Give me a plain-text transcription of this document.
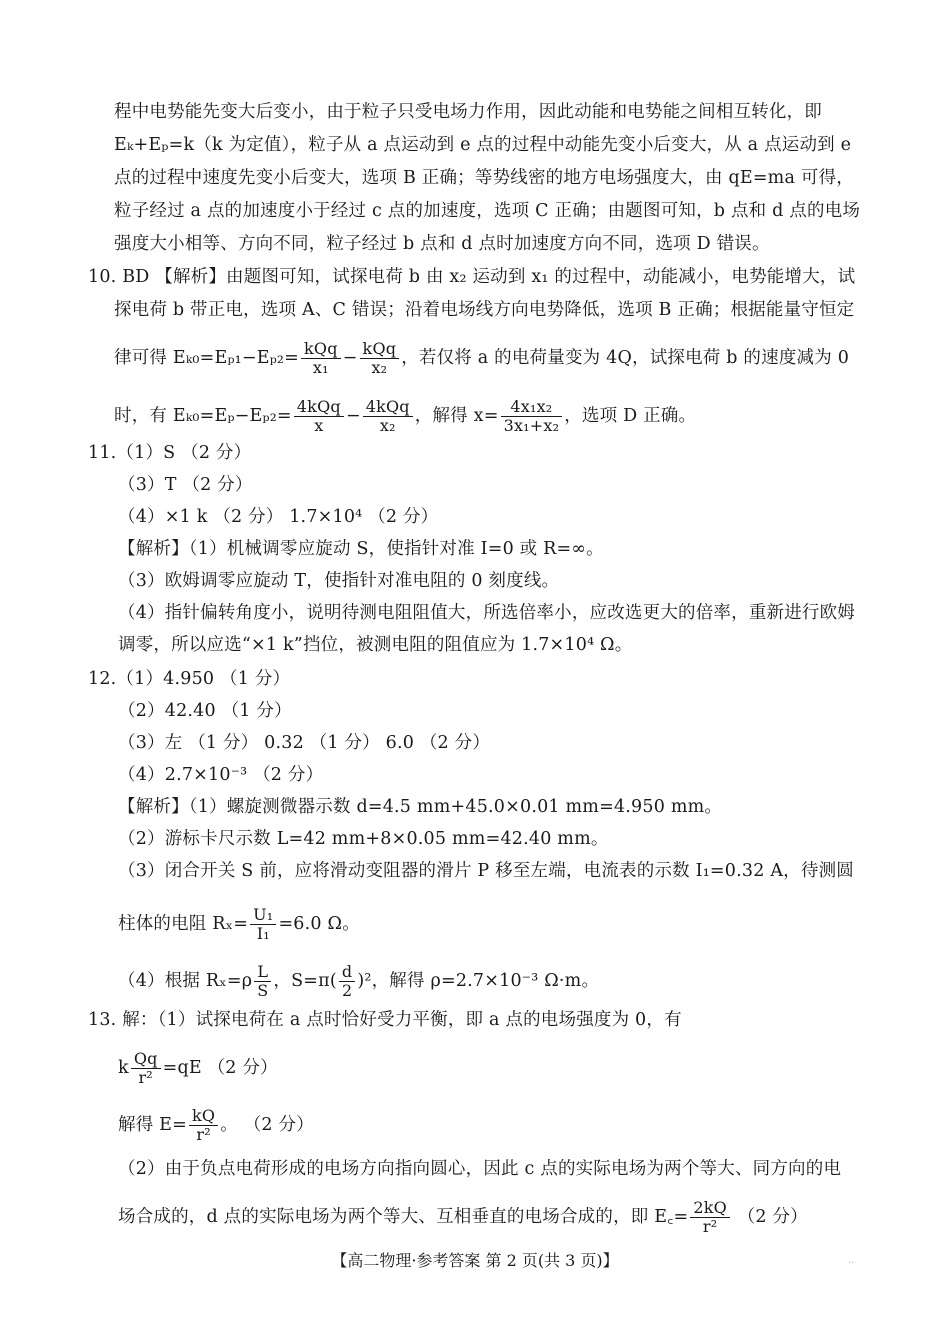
程中电势能先变大后变小，由于粒子只受电场力作用，因此动能和电势能之间相互转化，即
Eₖ+Eₚ=k（k 为定值），粒子从 a 点运动到 e 点的过程中动能先变小后变大，从 a 点运动到 e
点的过程中速度先变小后变大，选项 B 正确；等势线密的地方电场强度大，由 qE=ma 可得，
粒子经过 a 点的加速度小于经过 c 点的加速度，选项 C 正确；由题图可知，b 点和 d 点的电场
强度大小相等、方向不同，粒子经过 b 点和 d 点时加速度方向不同，选项 D 错误。
10. BD 【解析】由题图可知，试探电荷 b 由 x₂ 运动到 x₁ 的过程中，动能减小，电势能增大，试
探电荷 b 带正电，选项 A、C 错误；沿着电场线方向电势降低，选项 B 正确；根据能量守恒定
律可得 $E_{k0}=E_{p1}-E_{p2}= \frac{\text{kQq}}{\text{x₁}} - \frac{\text{kQq}}{\text{x₂}}$ ，若仅将 a 的电荷量变为 4Q，试探电荷 b 的速度减为 0
时，有 $E_{k0}=E_p-E_{p2}= \frac{\text{4kQq}}{x} - \frac{\text{4kQq}}{\text{x₂}}$ ，解得 $x= \frac{\text{4x₁x₂}}{\text{3x₁+x₂}}$ ，选项 D 正确。
11.（1）S （2 分）
（3）T （2 分）
（4）×1 k （2 分） 1.7×10⁴ （2 分）
【解析】（1）机械调零应旋动 S，使指针对准 I=0 或 R=∞。
（3）欧姆调零应旋动 T，使指针对准电阻的 0 刻度线。
（4）指针偏转角度小，说明待测电阻阻值大，所选倍率小，应改选更大的倍率，重新进行欧姆
调零，所以应选“×1 k”挡位，被测电阻的阻值应为 1.7×10⁴ Ω。
12.（1）4.950 （1 分）
（2）42.40 （1 分）
（3）左 （1 分） 0.32 （1 分） 6.0 （2 分）
（4）2.7×10⁻³ （2 分）
【解析】（1）螺旋测微器示数 d=4.5 mm+45.0×0.01 mm=4.950 mm。
（2）游标卡尺示数 L=42 mm+8×0.05 mm=42.40 mm。
（3）闭合开关 S 前，应将滑动变阻器的滑片 P 移至左端，电流表的示数 I₁=0.32 A，待测圆
柱体的电阻 $R_x= \frac{\text{U₁}}{\text{I₁}} =6.0$ Ω。
（4）根据 $R_x=\rho \frac{L}{S}$ ，$S=\pi( \frac{d}{2} )^2$，解得 ρ=2.7×10⁻³ Ω·m。
13. 解：（1）试探电荷在 a 点时恰好受力平衡，即 a 点的电场强度为 0，有
k $\frac{Qq}{\text{r²}} =qE$ （2 分）
解得 $E= \frac{kQ}{\text{r²}}$ 。 （2 分）
（2）由于负点电荷形成的电场方向指向圆心，因此 c 点的实际电场为两个等大、同方向的电
场合成的，d 点的实际电场为两个等大、互相垂直的电场合成的，即 E꜀= $\frac{2kQ}{\text{r²}} (2$ 分）
【高二物理·参考答案 第 2 页(共 3 页)】	··
